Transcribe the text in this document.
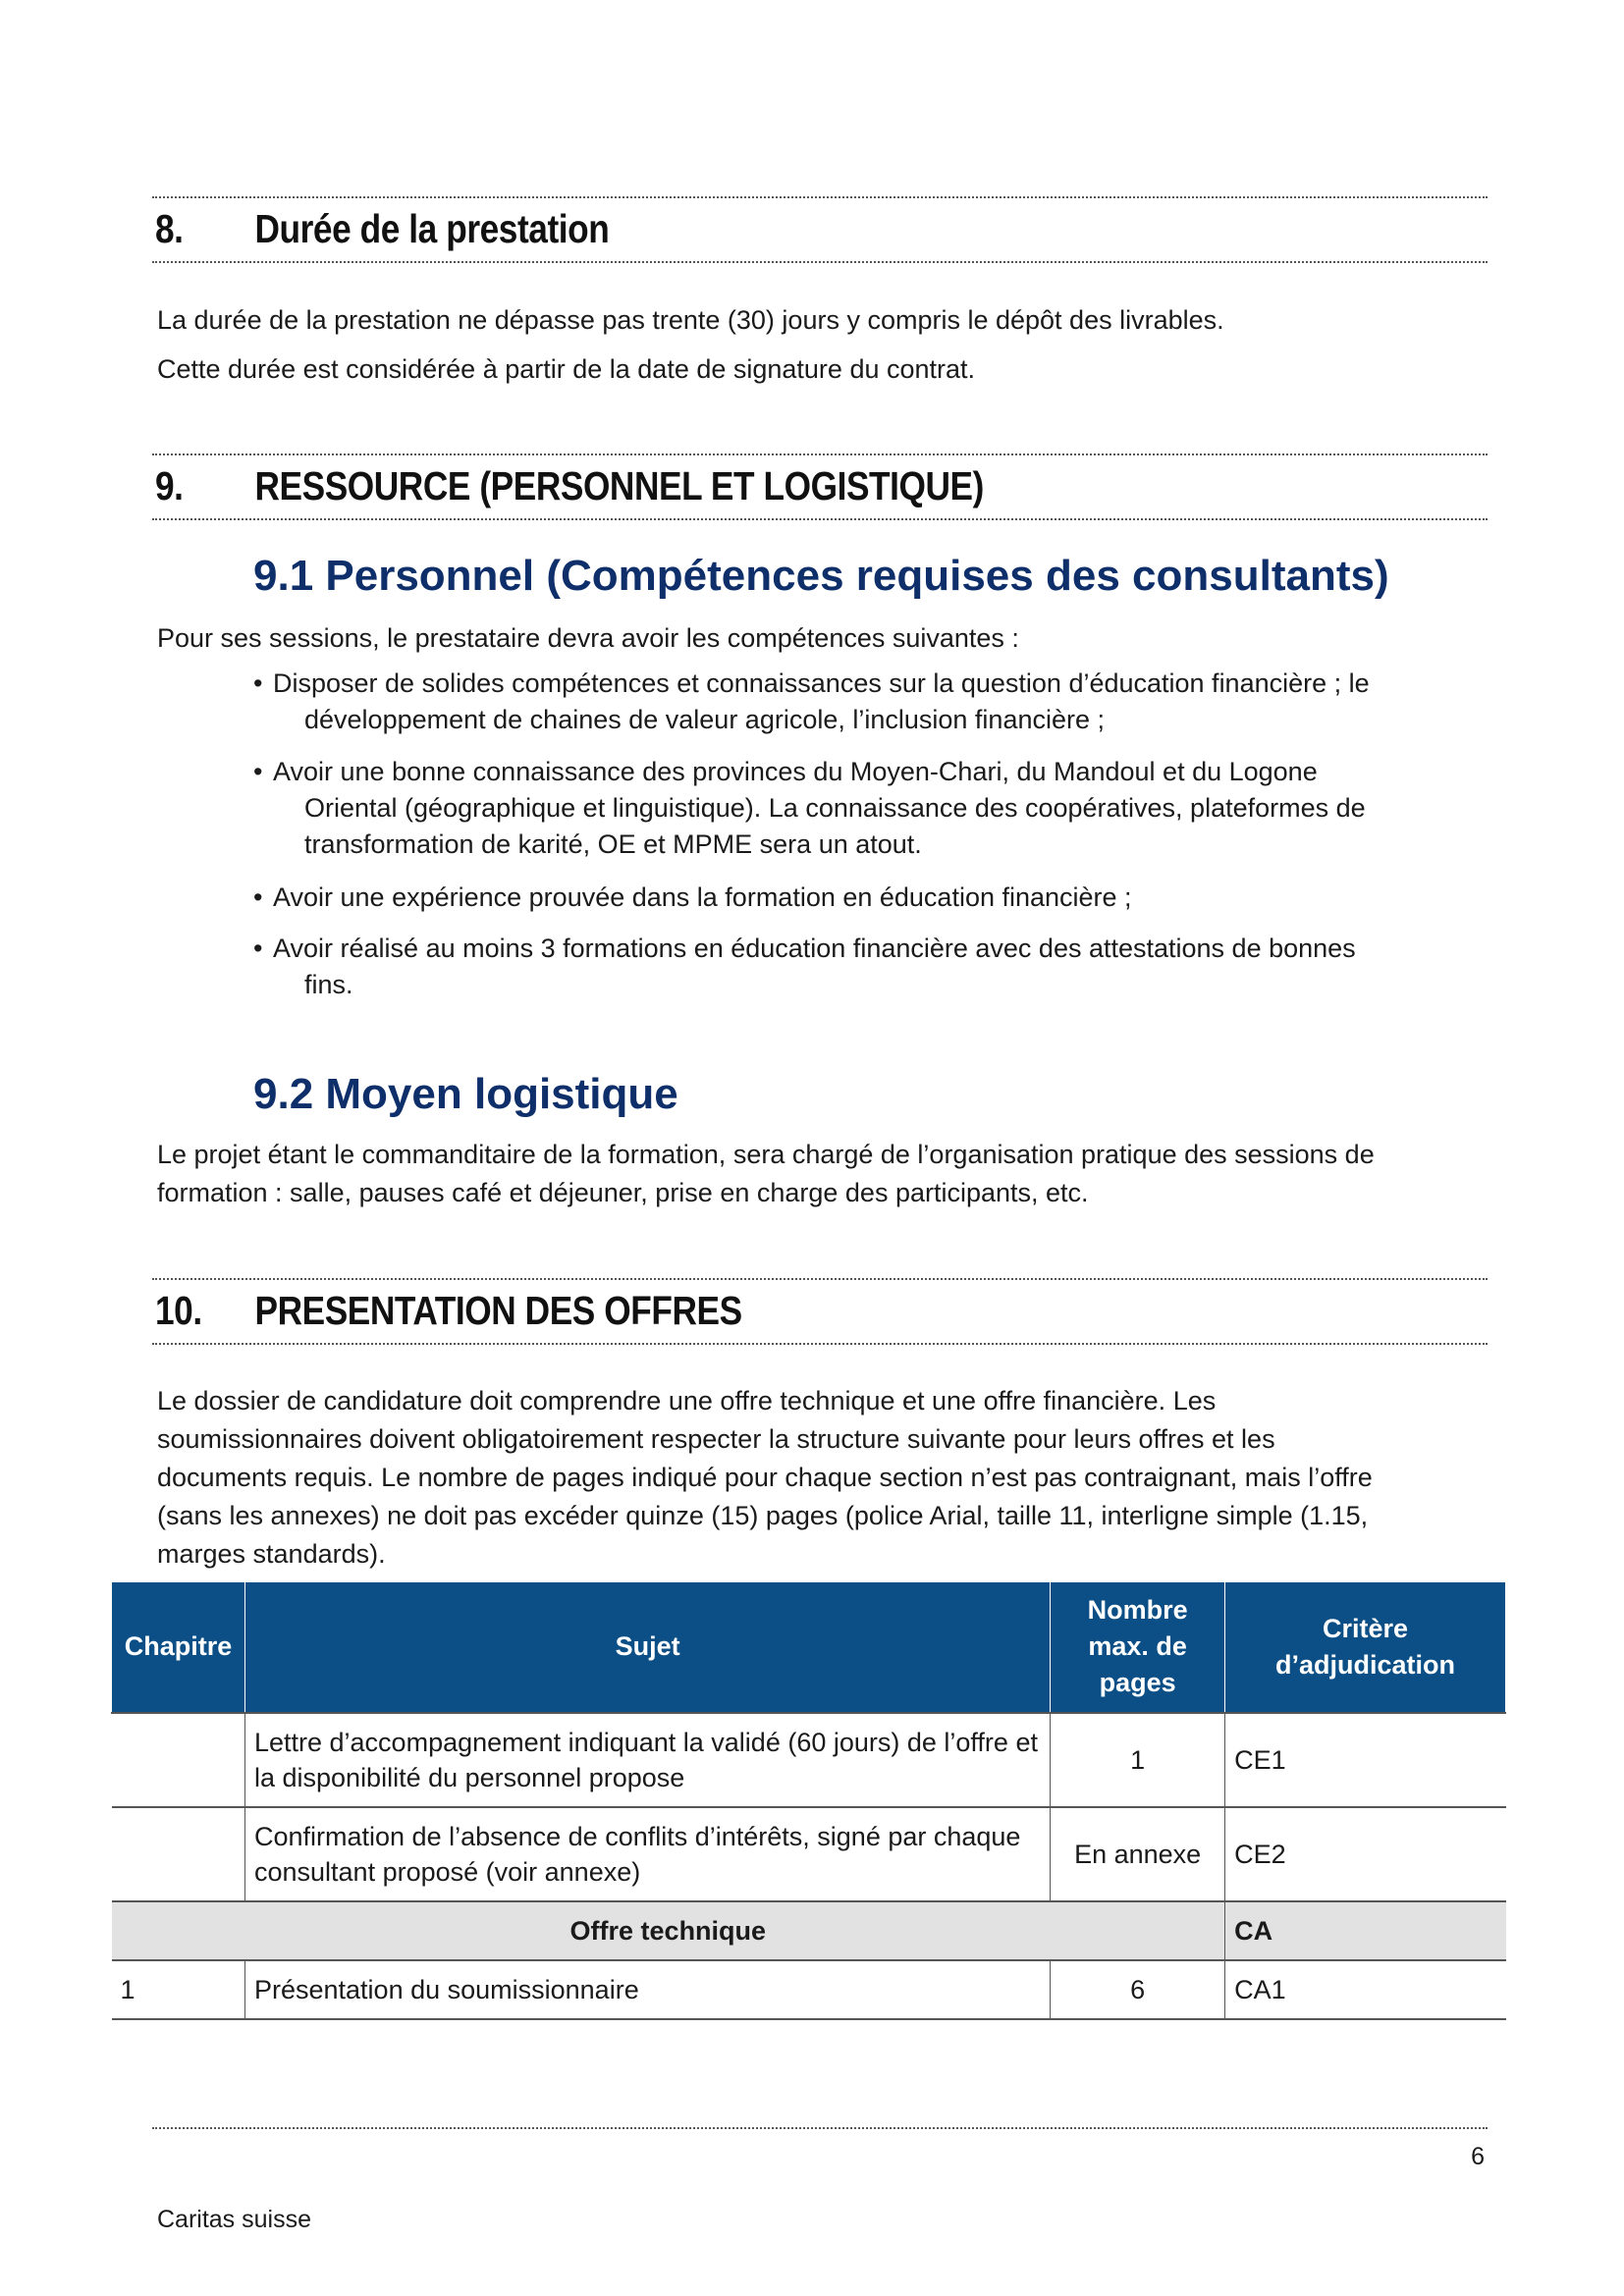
8. Durée de la prestation
La durée de la prestation ne dépasse pas trente (30) jours y compris le dépôt des livrables.
Cette durée est considérée à partir de la date de signature du contrat.
9. RESSOURCE (PERSONNEL ET LOGISTIQUE)
9.1 Personnel (Compétences requises des consultants)
Pour ses sessions, le prestataire devra avoir les compétences suivantes :
• Disposer de solides compétences et connaissances sur la question d’éducation financière ; le
développement de chaines de valeur agricole, l’inclusion financière ;
• Avoir une bonne connaissance des provinces du Moyen-Chari, du Mandoul et du Logone
Oriental (géographique et linguistique). La connaissance des coopératives, plateformes de
transformation de karité, OE et MPME sera un atout.
• Avoir une expérience prouvée dans la formation en éducation financière ;
• Avoir réalisé au moins 3 formations en éducation financière avec des attestations de bonnes
fins.
9.2 Moyen logistique
Le projet étant le commanditaire de la formation, sera chargé de l’organisation pratique des sessions de
formation : salle, pauses café et déjeuner, prise en charge des participants, etc.
10. PRESENTATION DES OFFRES
Le dossier de candidature doit comprendre une offre technique et une offre financière. Les
soumissionnaires doivent obligatoirement respecter la structure suivante pour leurs offres et les
documents requis. Le nombre de pages indiqué pour chaque section n’est pas contraignant, mais l’offre
(sans les annexes) ne doit pas excéder quinze (15) pages (police Arial, taille 11, interligne simple (1.15,
marges standards).
Chapitre	Sujet	Nombre max. de pages	Critère d’adjudication
	Lettre d’accompagnement indiquant la validé (60 jours) de l’offre et la disponibilité du personnel propose	1	CE1
	Confirmation de l’absence de conflits d’intérêts, signé par chaque consultant proposé (voir annexe)	En annexe	CE2
Offre technique			CA
1	Présentation du soumissionnaire	6	CA1
6
Caritas suisse
